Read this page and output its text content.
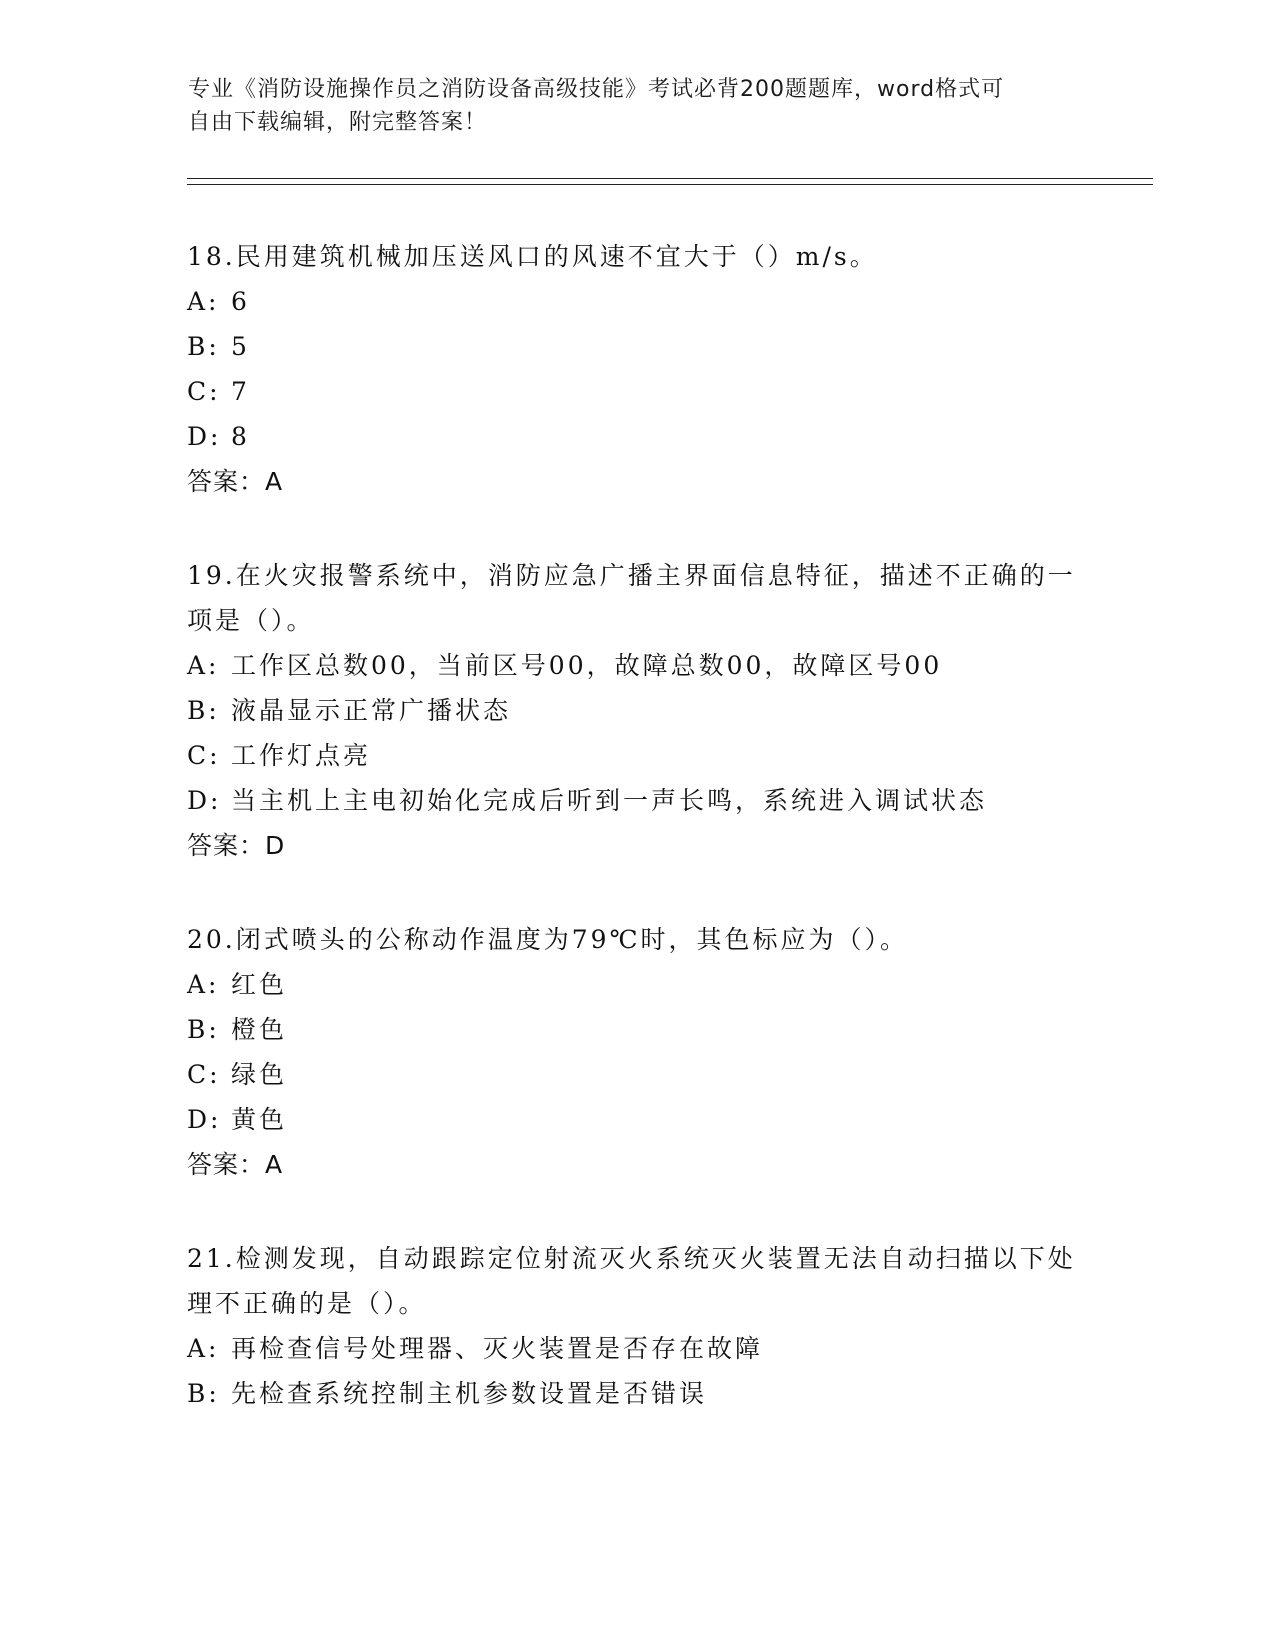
专业《消防设施操作员之消防设备高级技能》考试必背200题题库，word格式可
自由下载编辑，附完整答案！
18.民用建筑机械加压送风口的风速不宜大于（）m/s。
A: 6
B: 5
C: 7
D: 8
答案：A
19.在火灾报警系统中，消防应急广播主界面信息特征，描述不正确的一项是（）。
A: 工作区总数00，当前区号00，故障总数00，故障区号00
B: 液晶显示正常广播状态
C: 工作灯点亮
D: 当主机上主电初始化完成后听到一声长鸣，系统进入调试状态
答案：D
20.闭式喷头的公称动作温度为79℃时，其色标应为（）。
A: 红色
B: 橙色
C: 绿色
D: 黄色
答案：A
21.检测发现，自动跟踪定位射流灭火系统灭火装置无法自动扫描以下处理不正确的是（）。
A: 再检查信号处理器、灭火装置是否存在故障
B: 先检查系统控制主机参数设置是否错误
